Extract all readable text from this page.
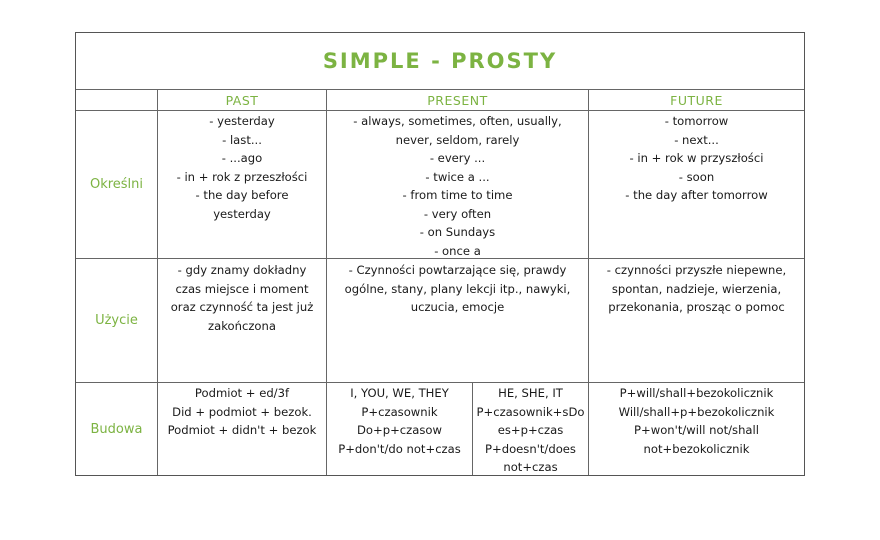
SIMPLE - PROSTY
PAST	PRESENT	FUTURE
Określni
Użycie
Budowa
- yesterday
- last...
- ...ago
- in + rok z przeszłości
- the day before
yesterday
- always, sometimes, often, usually,
never, seldom, rarely
- every ...
- twice a ...
- from time to time
- very often
- on Sundays
- once a
- tomorrow
- next...
- in + rok w przyszłości
- soon
- the day after tomorrow
- gdy znamy dokładny
czas miejsce i moment
oraz czynność ta jest już
zakończona
- Czynności powtarzające się, prawdy
ogólne, stany, plany lekcji itp., nawyki,
uczucia, emocje
- czynności przyszłe niepewne,
spontan, nadzieje, wierzenia,
przekonania, prosząc o pomoc
Podmiot + ed/3f
Did + podmiot + bezok.
Podmiot + didn't + bezok
I, YOU, WE, THEY
P+czasownik
Do+p+czasow
P+don't/do not+czas
HE, SHE, IT
P+czasownik+sDo
es+p+czas
P+doesn't/does
not+czas
P+will/shall+bezokolicznik
Will/shall+p+bezokolicznik
P+won't/will not/shall
not+bezokolicznik
